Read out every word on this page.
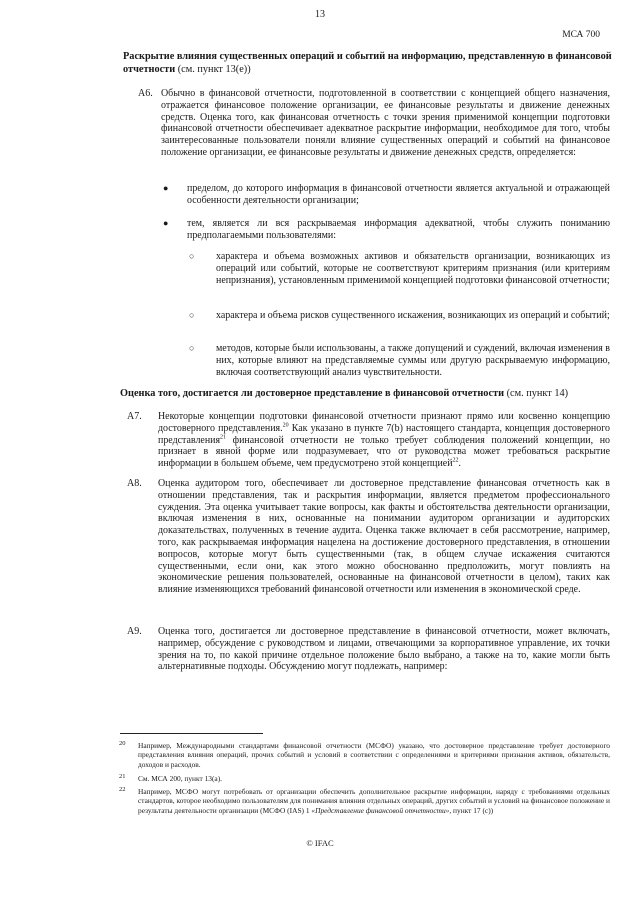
13
МСА 700
Раскрытие влияния существенных операций и событий на информацию, представленную в финансовой отчетности (см. пункт 13(е))
А6. Обычно в финансовой отчетности, подготовленной в соответствии с концепцией общего назначения, отражается финансовое положение организации, ее финансовые результаты и движение денежных средств. Оценка того, как финансовая отчетность с точки зрения применимой концепции подготовки финансовой отчетности обеспечивает адекватное раскрытие информации, необходимое для того, чтобы заинтересованные пользователи поняли влияние существенных операций и событий на финансовое положение организации, ее финансовые результаты и движение денежных средств, определяется:
● пределом, до которого информация в финансовой отчетности является актуальной и отражающей особенности деятельности организации;
● тем, является ли вся раскрываемая информация адекватной, чтобы служить пониманию предполагаемыми пользователями:
○ характера и объема возможных активов и обязательств организации, возникающих из операций или событий, которые не соответствуют критериям признания (или критериям непризнания), установленным применимой концепцией подготовки финансовой отчетности;
○ характера и объема рисков существенного искажения, возникающих из операций и событий;
○ методов, которые были использованы, а также допущений и суждений, включая изменения в них, которые влияют на представляемые суммы или другую раскрываемую информацию, включая соответствующий анализ чувствительности.
Оценка того, достигается ли достоверное представление в финансовой отчетности (см. пункт 14)
А7. Некоторые концепции подготовки финансовой отчетности признают прямо или косвенно концепцию достоверного представления.$^{20}$ Как указано в пункте 7(b) настоящего стандарта, концепция достоверного представления$^{21}$ финансовой отчетности не только требует соблюдения положений концепции, но признает в явной форме или подразумевает, что от руководства может требоваться раскрытие информации в большем объеме, чем предусмотрено этой концепцией$^{22}$.
А8. Оценка аудитором того, обеспечивает ли достоверное представление финансовая отчетность как в отношении представления, так и раскрытия информации, является предметом профессионального суждения. Эта оценка учитывает такие вопросы, как факты и обстоятельства деятельности организации, включая изменения в них, основанные на понимании аудитором организации и аудиторских доказательствах, полученных в течение аудита. Оценка также включает в себя рассмотрение, например, того, как раскрываемая информация нацелена на достижение достоверного представления, в отношении вопросов, которые могут быть существенными (так, в общем случае искажения считаются существенными, если они, как этого можно обоснованно предположить, могут повлиять на экономические решения пользователей, основанные на финансовой отчетности в целом), таких как влияние изменяющихся требований финансовой отчетности или изменения в экономической среде.
А9. Оценка того, достигается ли достоверное представление в финансовой отчетности, может включать, например, обсуждение с руководством и лицами, отвечающими за корпоративное управление, их точки зрения на то, по какой причине отдельное положение было выбрано, а также на то, какие могли быть альтернативные подходы. Обсуждению могут подлежать, например:
20 Например, Международными стандартами финансовой отчетности (МСФО) указано, что достоверное представление требует достоверного представления влияния операций, прочих событий и условий в соответствии с определениями и критериями признания активов, обязательств, доходов и расходов.
21 См. МСА 200, пункт 13(а).
22 Например, МСФО могут потребовать от организации обеспечить дополнительное раскрытие информации, наряду с требованиями отдельных стандартов, которое необходимо пользователям для понимания влияния отдельных операций, других событий и условий на финансовое положение и результаты деятельности организации (МСФО (IAS) 1 «Представление финансовой отчетности», пункт 17 (с))
© IFAC
